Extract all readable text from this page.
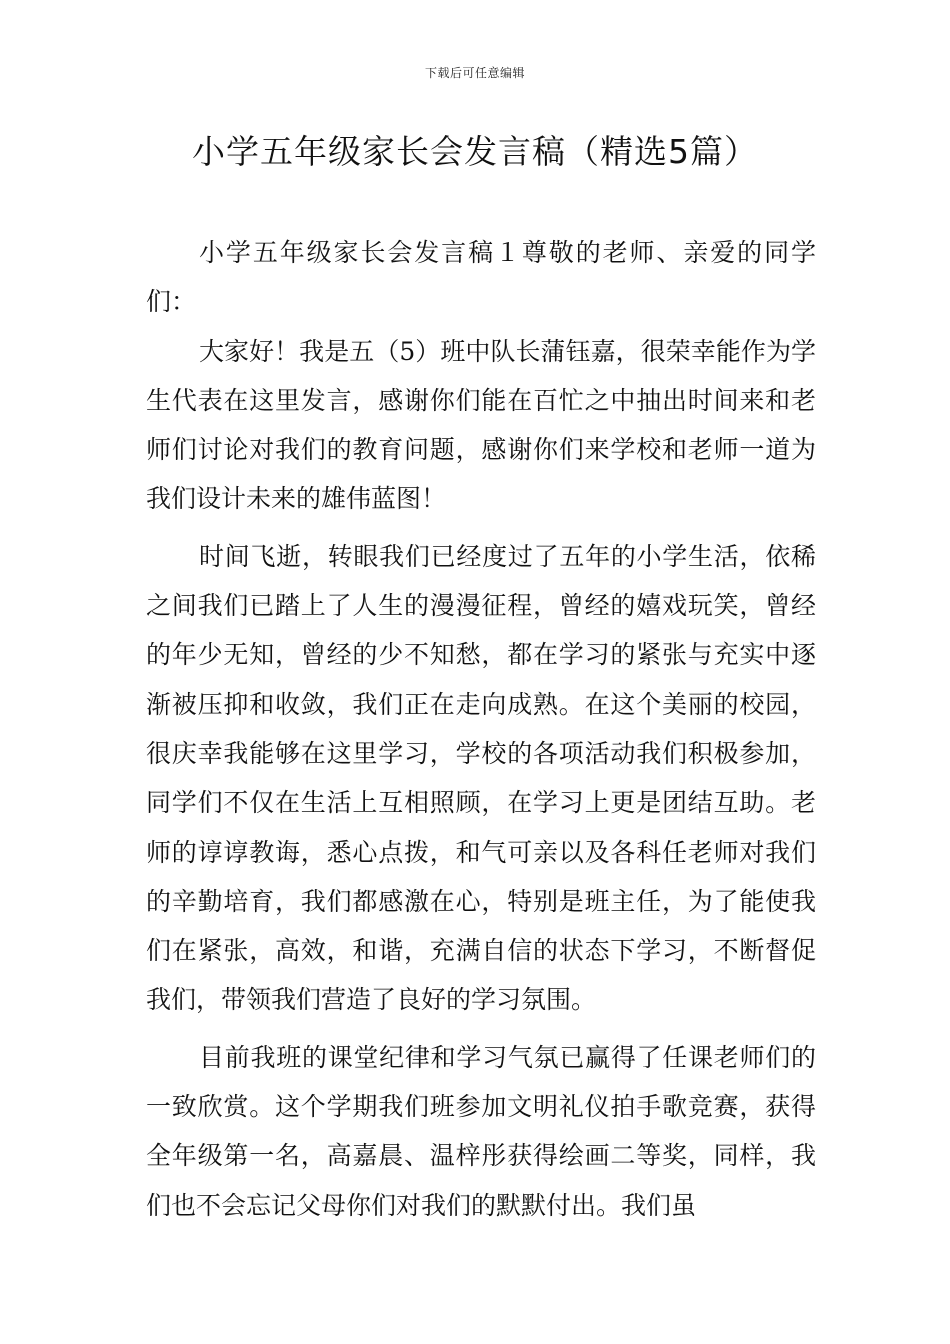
下载后可任意编辑
小学五年级家长会发言稿（精选5篇）

小学五年级家长会发言稿１尊敬的老师、亲爱的同学们：

大家好！我是五（5）班中队长蒲钰嘉，很荣幸能作为学生代表在这里发言，感谢你们能在百忙之中抽出时间来和老师们讨论对我们的教育问题，感谢你们来学校和老师一道为我们设计未来的雄伟蓝图！

时间飞逝，转眼我们已经度过了五年的小学生活，依稀之间我们已踏上了人生的漫漫征程，曾经的嬉戏玩笑，曾经的年少无知，曾经的少不知愁，都在学习的紧张与充实中逐渐被压抑和收敛，我们正在走向成熟。在这个美丽的校园，很庆幸我能够在这里学习，学校的各项活动我们积极参加，同学们不仅在生活上互相照顾，在学习上更是团结互助。老师的谆谆教诲，悉心点拨，和气可亲以及各科任老师对我们的辛勤培育，我们都感激在心，特别是班主任，为了能使我们在紧张，高效，和谐，充满自信的状态下学习，不断督促我们，带领我们营造了良好的学习氛围。

目前我班的课堂纪律和学习气氛已赢得了任课老师们的一致欣赏。这个学期我们班参加文明礼仪拍手歌竞赛，获得全年级第一名，高嘉晨、温梓彤获得绘画二等奖，同样，我们也不会忘记父母你们对我们的默默付出。我们虽
